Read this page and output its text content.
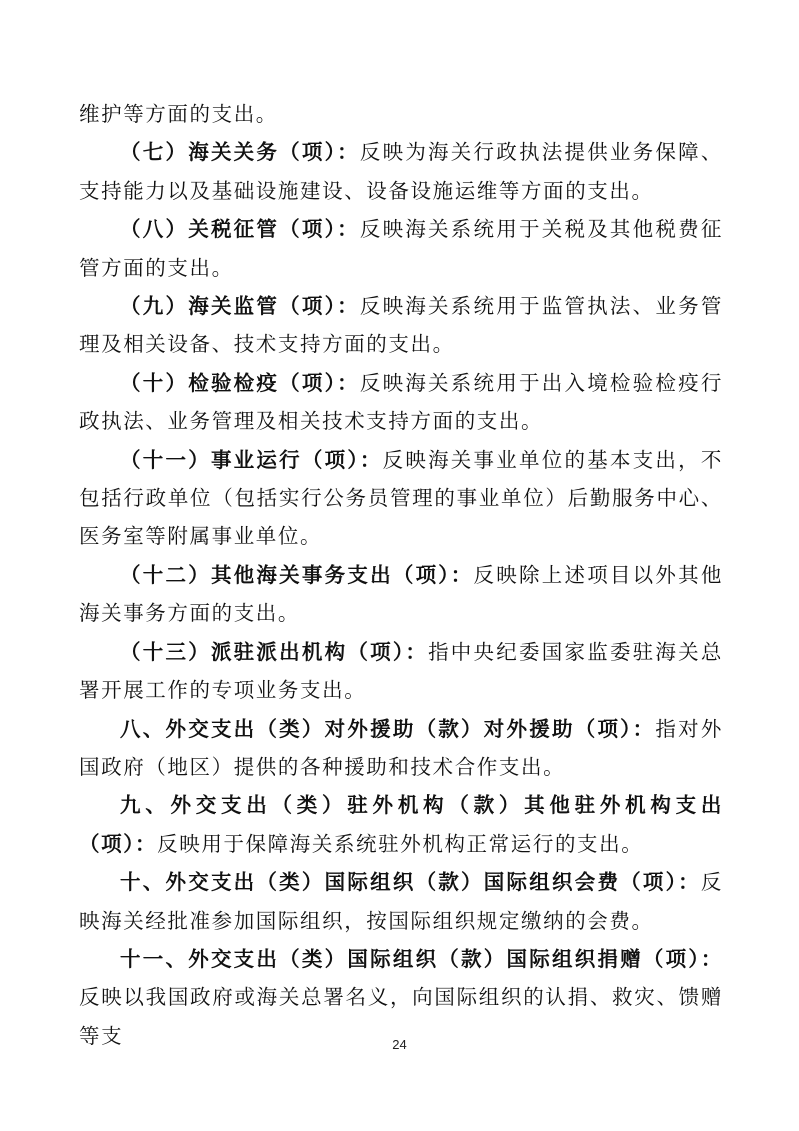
维护等方面的支出。

（七）海关关务（项）：反映为海关行政执法提供业务保障、支持能力以及基础设施建设、设备设施运维等方面的支出。

（八）关税征管（项）：反映海关系统用于关税及其他税费征管方面的支出。

（九）海关监管（项）：反映海关系统用于监管执法、业务管理及相关设备、技术支持方面的支出。

（十）检验检疫（项）：反映海关系统用于出入境检验检疫行政执法、业务管理及相关技术支持方面的支出。

（十一）事业运行（项）：反映海关事业单位的基本支出，不包括行政单位（包括实行公务员管理的事业单位）后勤服务中心、医务室等附属事业单位。

（十二）其他海关事务支出（项）：反映除上述项目以外其他海关事务方面的支出。

（十三）派驻派出机构（项）：指中央纪委国家监委驻海关总署开展工作的专项业务支出。

八、外交支出（类）对外援助（款）对外援助（项）：指对外国政府（地区）提供的各种援助和技术合作支出。

九、外交支出（类）驻外机构（款）其他驻外机构支出（项）：反映用于保障海关系统驻外机构正常运行的支出。

十、外交支出（类）国际组织（款）国际组织会费（项）：反映海关经批准参加国际组织，按国际组织规定缴纳的会费。

十一、外交支出（类）国际组织（款）国际组织捐赠（项）：反映以我国政府或海关总署名义，向国际组织的认捐、救灾、馈赠等支	24
